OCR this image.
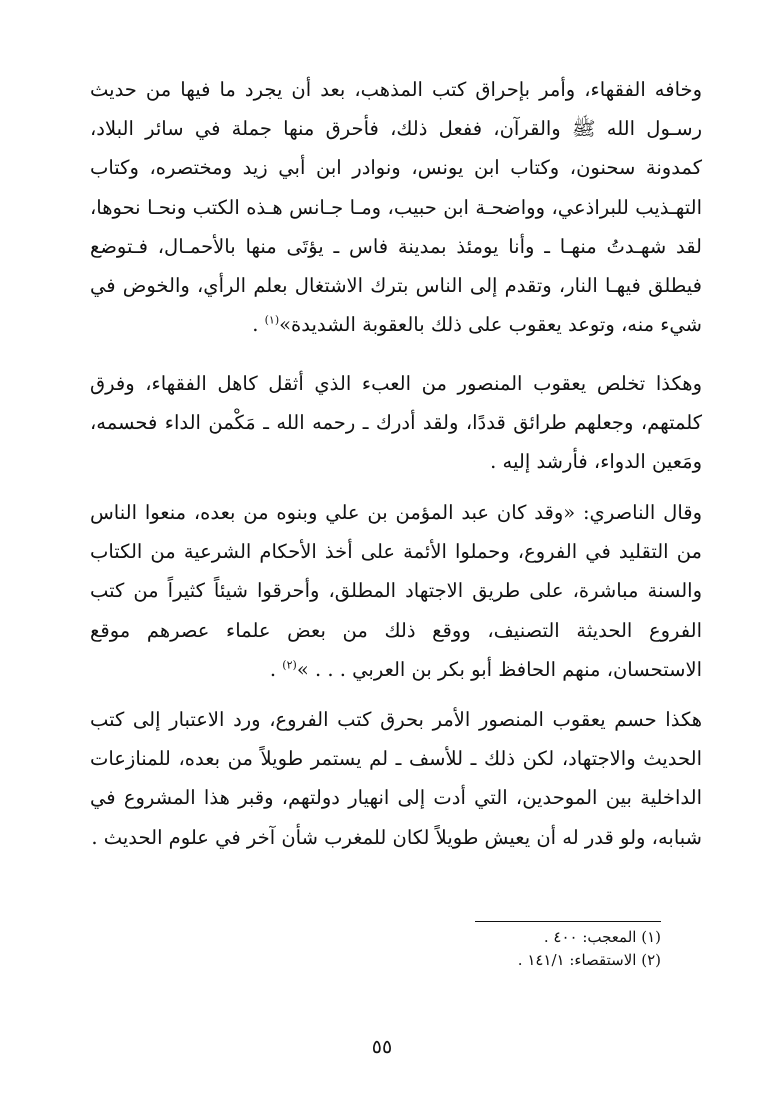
وخافه الفقهاء، وأمر بإحراق كتب المذهب، بعد أن يجرد ما فيها من حديث رسـول الله ﷺ والقرآن، ففعل ذلك، فأحرق منها جملة في سائر البلاد، كمدونة سحنون، وكتاب ابن يونس، ونوادر ابن أبي زيد ومختصره، وكتاب التهـذيب للبراذعي، وواضحـة ابن حبيب، ومـا جـانس هـذه الكتب ونحـا نحوها، لقد شهـدتُ منهـا ـ وأنا يومئذ بمدينة فاس ـ يؤتَى منها بالأحمـال، فـتوضع فيطلق فيهـا النار، وتقدم إلى الناس بترك الاشتغال بعلم الرأي، والخوض في شيء منه، وتوعد يعقوب على ذلك بالعقوبة الشديدة»$^{(١)}$ .

وهكذا تخلص يعقوب المنصور من العبء الذي أثقل كاهل الفقهاء، وفرق كلمتهم، وجعلهم طرائق قددًا، ولقد أدرك ـ رحمه الله ـ مَكْمن الداء فحسمه، ومَعين الدواء، فأرشد إليه .

وقال الناصري: «وقد كان عبد المؤمن بن علي وبنوه من بعده، منعوا الناس من التقليد في الفروع، وحملوا الأئمة على أخذ الأحكام الشرعية من الكتاب والسنة مباشرة، على طريق الاجتهاد المطلق، وأحرقوا شيئاً كثيراً من كتب الفروع الحديثة التصنيف، ووقع ذلك من بعض علماء عصرهم موقع الاستحسان، منهم الحافظ أبو بكر بن العربي . . . »$^{(٢)}$ .

هكذا حسم يعقوب المنصور الأمر بحرق كتب الفروع، ورد الاعتبار إلى كتب الحديث والاجتهاد، لكن ذلك ـ للأسف ـ لم يستمر طويلاً من بعده، للمنازعات الداخلية بين الموحدين، التي أدت إلى انهيار دولتهم، وقبر هذا المشروع في شبابه، ولو قدر له أن يعيش طويلاً لكان للمغرب شأن آخر في علوم الحديث .

(١) المعجب: ٤٠٠ .
(٢) الاستقصاء: ١٤١/١ .
٥٥
